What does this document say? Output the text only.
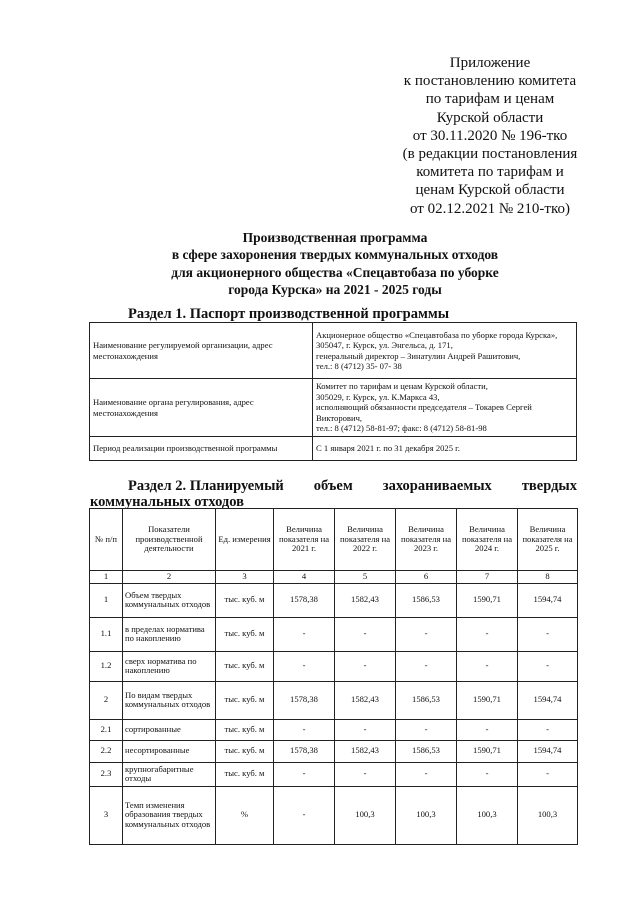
Приложение
к постановлению комитета
по тарифам и ценам
Курской области
от 30.11.2020 № 196-тко
(в редакции постановления
комитета по тарифам и
ценам Курской области
от 02.12.2021 № 210-тко)
Производственная программа
в сфере захоронения твердых коммунальных отходов
для акционерного общества «Спецавтобаза по уборке
города Курска» на 2021 - 2025 годы
Раздел 1. Паспорт производственной программы
Наименование регулируемой организации, адрес местонахождения	Акционерное общество «Спецавтобаза по уборке города Курска»,
305047, г. Курск, ул. Энгельса, д. 171,
генеральный директор – Зинатулин Андрей Рашитович,
тел.: 8 (4712) 35- 07- 38

Наименование органа регулирования, адрес местонахождения	Комитет по тарифам и ценам Курской области,
305029, г. Курск, ул. К.Маркса 43,
исполняющий обязанности председателя – Токарев Сергей Викторович,
тел.: 8 (4712) 58-81-97; факс: 8 (4712) 58-81-98

Период реализации производственной программы	С 1 января 2021 г. по 31 декабря 2025 г.
Раздел 2. Планируемый объем захораниваемых твердых
коммунальных отходов
№ п/п	Показатели производственной деятельности	Ед. измерения	Величина показателя на 2021 г.	Величина показателя на 2022 г.	Величина показателя на 2023 г.	Величина показателя на 2024 г.	Величина показателя на 2025 г.
1	2	3	4	5	6	7	8
1	Объем твердых коммунальных отходов	тыс. куб. м	1578,38	1582,43	1586,53	1590,71	1594,74
1.1	в пределах норматива по накоплению	тыс. куб. м	-	-	-	-	-
1.2	сверх норматива по накоплению	тыс. куб. м	-	-	-	-	-
2	По видам твердых коммунальных отходов	тыс. куб. м	1578,38	1582,43	1586,53	1590,71	1594,74
2.1	сортированные	тыс. куб. м	-	-	-	-	-
2.2	несортированные	тыс. куб. м	1578,38	1582,43	1586,53	1590,71	1594,74
2.3	крупногабаритные отходы	тыс. куб. м	-	-	-	-	-
3	Темп изменения образования твердых коммунальных отходов	%	-	100,3	100,3	100,3	100,3
